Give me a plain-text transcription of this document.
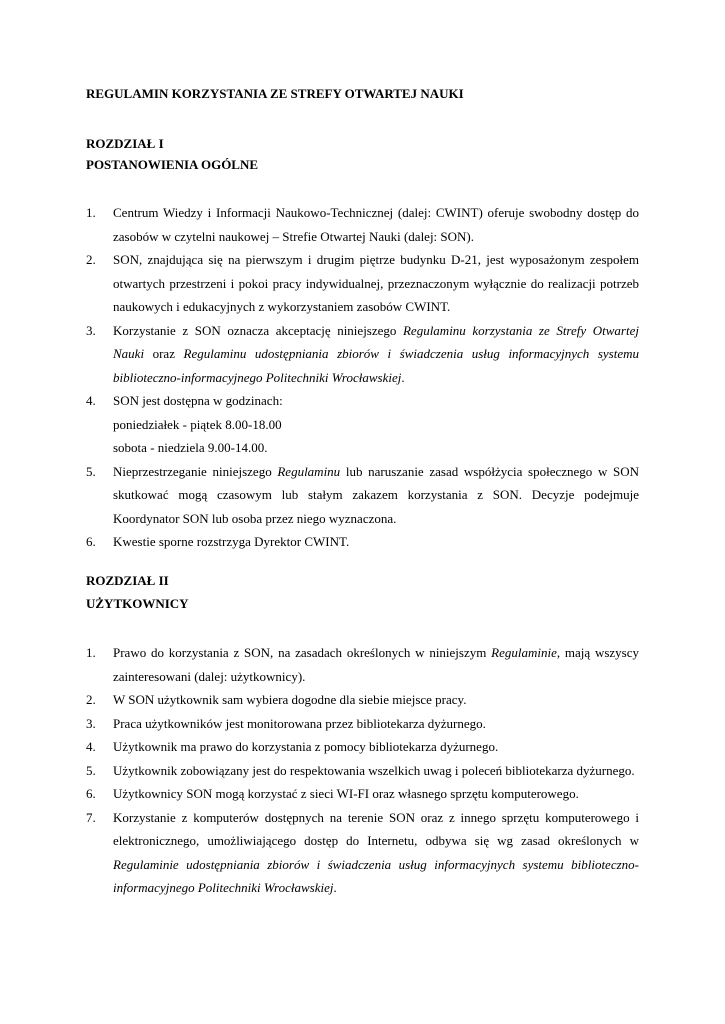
REGULAMIN KORZYSTANIA ZE STREFY OTWARTEJ NAUKI
ROZDZIAŁ I
POSTANOWIENIA OGÓLNE
1. Centrum Wiedzy i Informacji Naukowo-Technicznej (dalej: CWINT) oferuje swobodny dostęp do zasobów w czytelni naukowej – Strefie Otwartej Nauki (dalej: SON).
2. SON, znajdująca się na pierwszym i drugim piętrze budynku D-21, jest wyposażonym zespołem otwartych przestrzeni i pokoi pracy indywidualnej, przeznaczonym wyłącznie do realizacji potrzeb naukowych i edukacyjnych z wykorzystaniem zasobów CWINT.
3. Korzystanie z SON oznacza akceptację niniejszego Regulaminu korzystania ze Strefy Otwartej Nauki oraz Regulaminu udostępniania zbiorów i świadczenia usług informacyjnych systemu biblioteczno-informacyjnego Politechniki Wrocławskiej.
4. SON jest dostępna w godzinach:
poniedziałek - piątek 8.00-18.00
sobota - niedziela 9.00-14.00.
5. Nieprzestrzeganie niniejszego Regulaminu lub naruszanie zasad współżycia społecznego w SON skutkować mogą czasowym lub stałym zakazem korzystania z SON. Decyzje podejmuje Koordynator SON lub osoba przez niego wyznaczona.
6. Kwestie sporne rozstrzyga Dyrektor CWINT.
ROZDZIAŁ II
UŻYTKOWNICY
1. Prawo do korzystania z SON, na zasadach określonych w niniejszym Regulaminie, mają wszyscy zainteresowani (dalej: użytkownicy).
2. W SON użytkownik sam wybiera dogodne dla siebie miejsce pracy.
3. Praca użytkowników jest monitorowana przez bibliotekarza dyżurnego.
4. Użytkownik ma prawo do korzystania z pomocy bibliotekarza dyżurnego.
5. Użytkownik zobowiązany jest do respektowania wszelkich uwag i poleceń bibliotekarza dyżurnego.
6. Użytkownicy SON mogą korzystać z sieci WI-FI oraz własnego sprzętu komputerowego.
7. Korzystanie z komputerów dostępnych na terenie SON oraz z innego sprzętu komputerowego i elektronicznego, umożliwiającego dostęp do Internetu, odbywa się wg zasad określonych w Regulaminie udostępniania zbiorów i świadczenia usług informacyjnych systemu biblioteczno-informacyjnego Politechniki Wrocławskiej.
